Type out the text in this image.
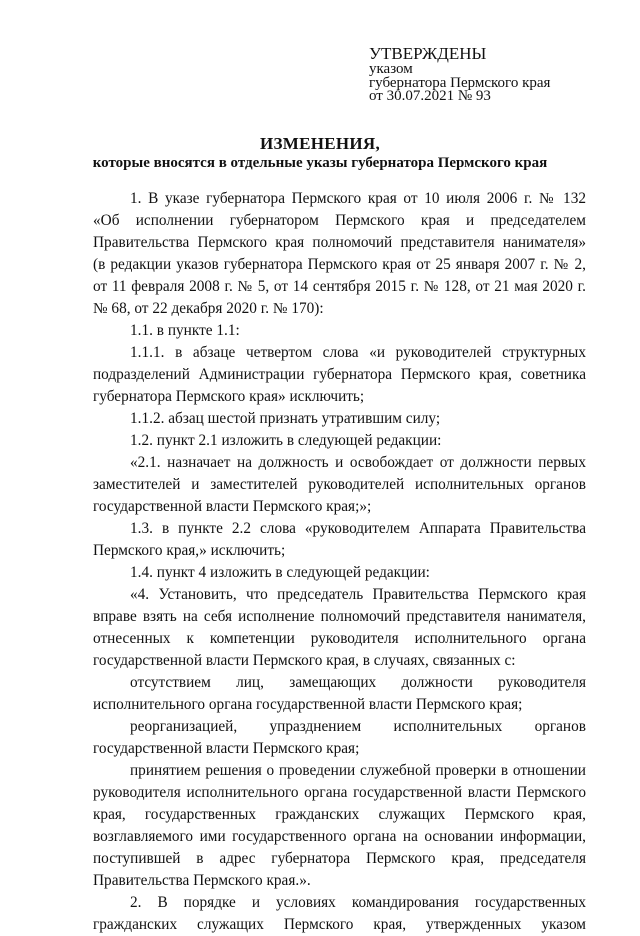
УТВЕРЖДЕНЫ
указом
губернатора Пермского края
от 30.07.2021 № 93
ИЗМЕНЕНИЯ,
которые вносятся в отдельные указы губернатора Пермского края
1. В указе губернатора Пермского края от 10 июля 2006 г. № 132
«Об исполнении губернатором Пермского края и председателем
Правительства Пермского края полномочий представителя нанимателя»
(в редакции указов губернатора Пермского края от 25 января 2007 г. № 2,
от 11 февраля 2008 г. № 5, от 14 сентября 2015 г. № 128, от 21 мая 2020 г.
№ 68, от 22 декабря 2020 г. № 170):
1.1. в пункте 1.1:
1.1.1. в абзаце четвертом слова «и руководителей структурных
подразделений Администрации губернатора Пермского края, советника
губернатора Пермского края» исключить;
1.1.2. абзац шестой признать утратившим силу;
1.2. пункт 2.1 изложить в следующей редакции:
«2.1. назначает на должность и освобождает от должности первых
заместителей и заместителей руководителей исполнительных органов
государственной власти Пермского края;»;
1.3. в пункте 2.2 слова «руководителем Аппарата Правительства
Пермского края,» исключить;
1.4. пункт 4 изложить в следующей редакции:
«4. Установить, что председатель Правительства Пермского края
вправе взять на себя исполнение полномочий представителя нанимателя,
отнесенных к компетенции руководителя исполнительного органа
государственной власти Пермского края, в случаях, связанных с:
отсутствием лиц, замещающих должности руководителя
исполнительного органа государственной власти Пермского края;
реорганизацией, упразднением исполнительных органов
государственной власти Пермского края;
принятием решения о проведении служебной проверки в отношении
руководителя исполнительного органа государственной власти Пермского
края, государственных гражданских служащих Пермского края,
возглавляемого ими государственного органа на основании информации,
поступившей в адрес губернатора Пермского края, председателя
Правительства Пермского края.».
2. В порядке и условиях командирования государственных
гражданских служащих Пермского края, утвержденных указом
